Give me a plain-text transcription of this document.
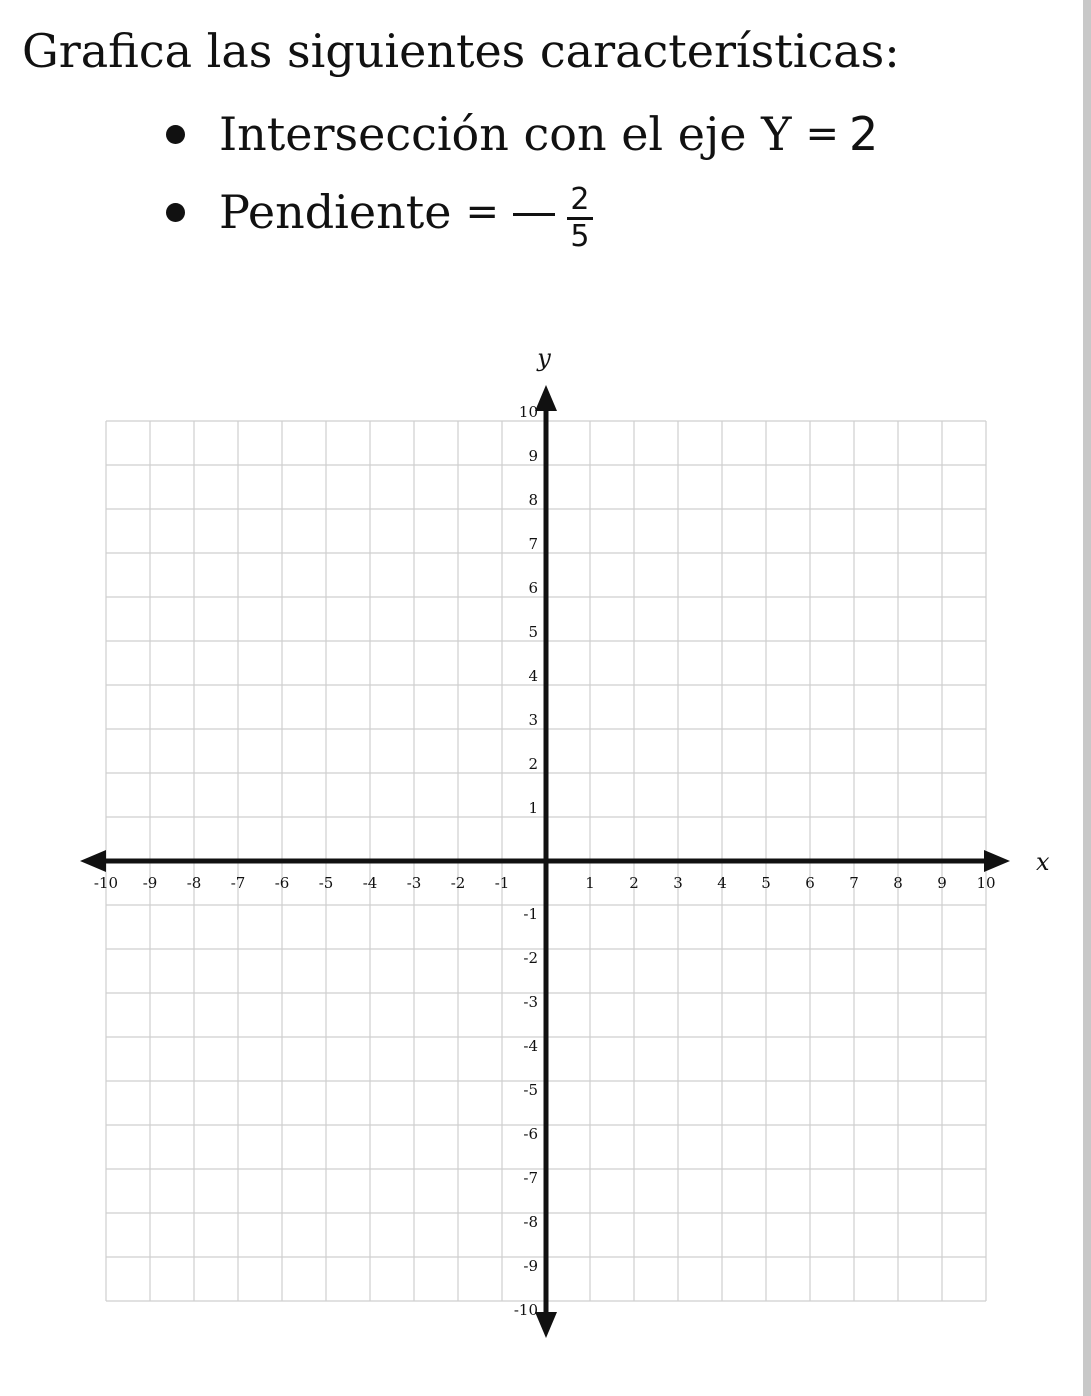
Grafica las siguientes características:
Intersección con el eje Y = 2
Pendiente = $\frac{2}{5}$
-10 -9 -8 -7 -6 -5 -4 -3 -2 -1	1 2 3 4 5 6 7 8 9 10
10
9
8
7
6
5
4
3
2
1
-1
-2
-3
-4
-5
-6
-7
-8
-9
-10
x
y
